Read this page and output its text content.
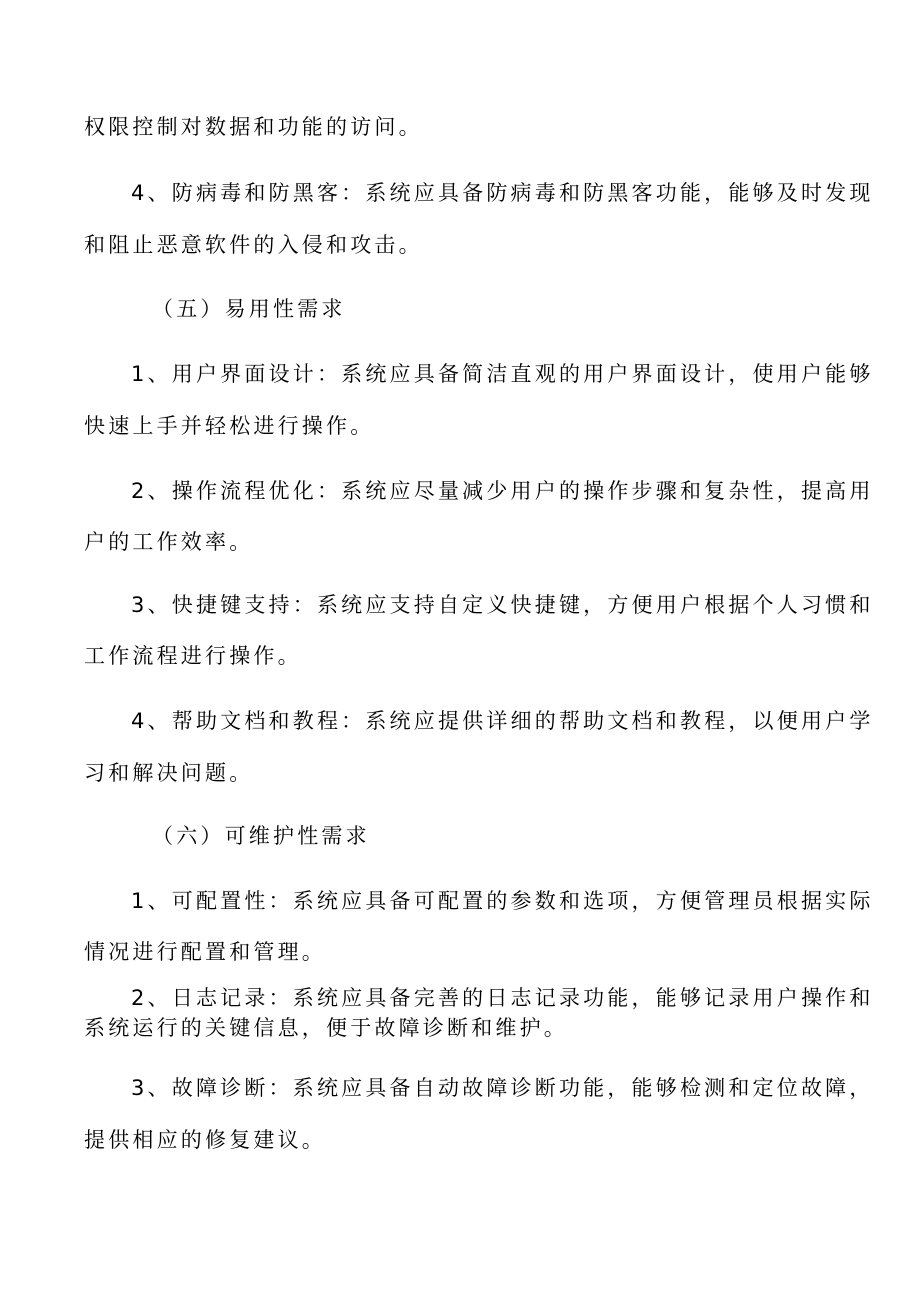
权限控制对数据和功能的访问。
4、防病毒和防黑客：系统应具备防病毒和防黑客功能，能够及时发现
和阻止恶意软件的入侵和攻击。
（五）易用性需求
1、用户界面设计：系统应具备简洁直观的用户界面设计，使用户能够
快速上手并轻松进行操作。
2、操作流程优化：系统应尽量减少用户的操作步骤和复杂性，提高用
户的工作效率。
3、快捷键支持：系统应支持自定义快捷键，方便用户根据个人习惯和
工作流程进行操作。
4、帮助文档和教程：系统应提供详细的帮助文档和教程，以便用户学
习和解决问题。
（六）可维护性需求
1、可配置性：系统应具备可配置的参数和选项，方便管理员根据实际
情况进行配置和管理。
2、日志记录：系统应具备完善的日志记录功能，能够记录用户操作和
系统运行的关键信息，便于故障诊断和维护。
3、故障诊断：系统应具备自动故障诊断功能，能够检测和定位故障，
提供相应的修复建议。
